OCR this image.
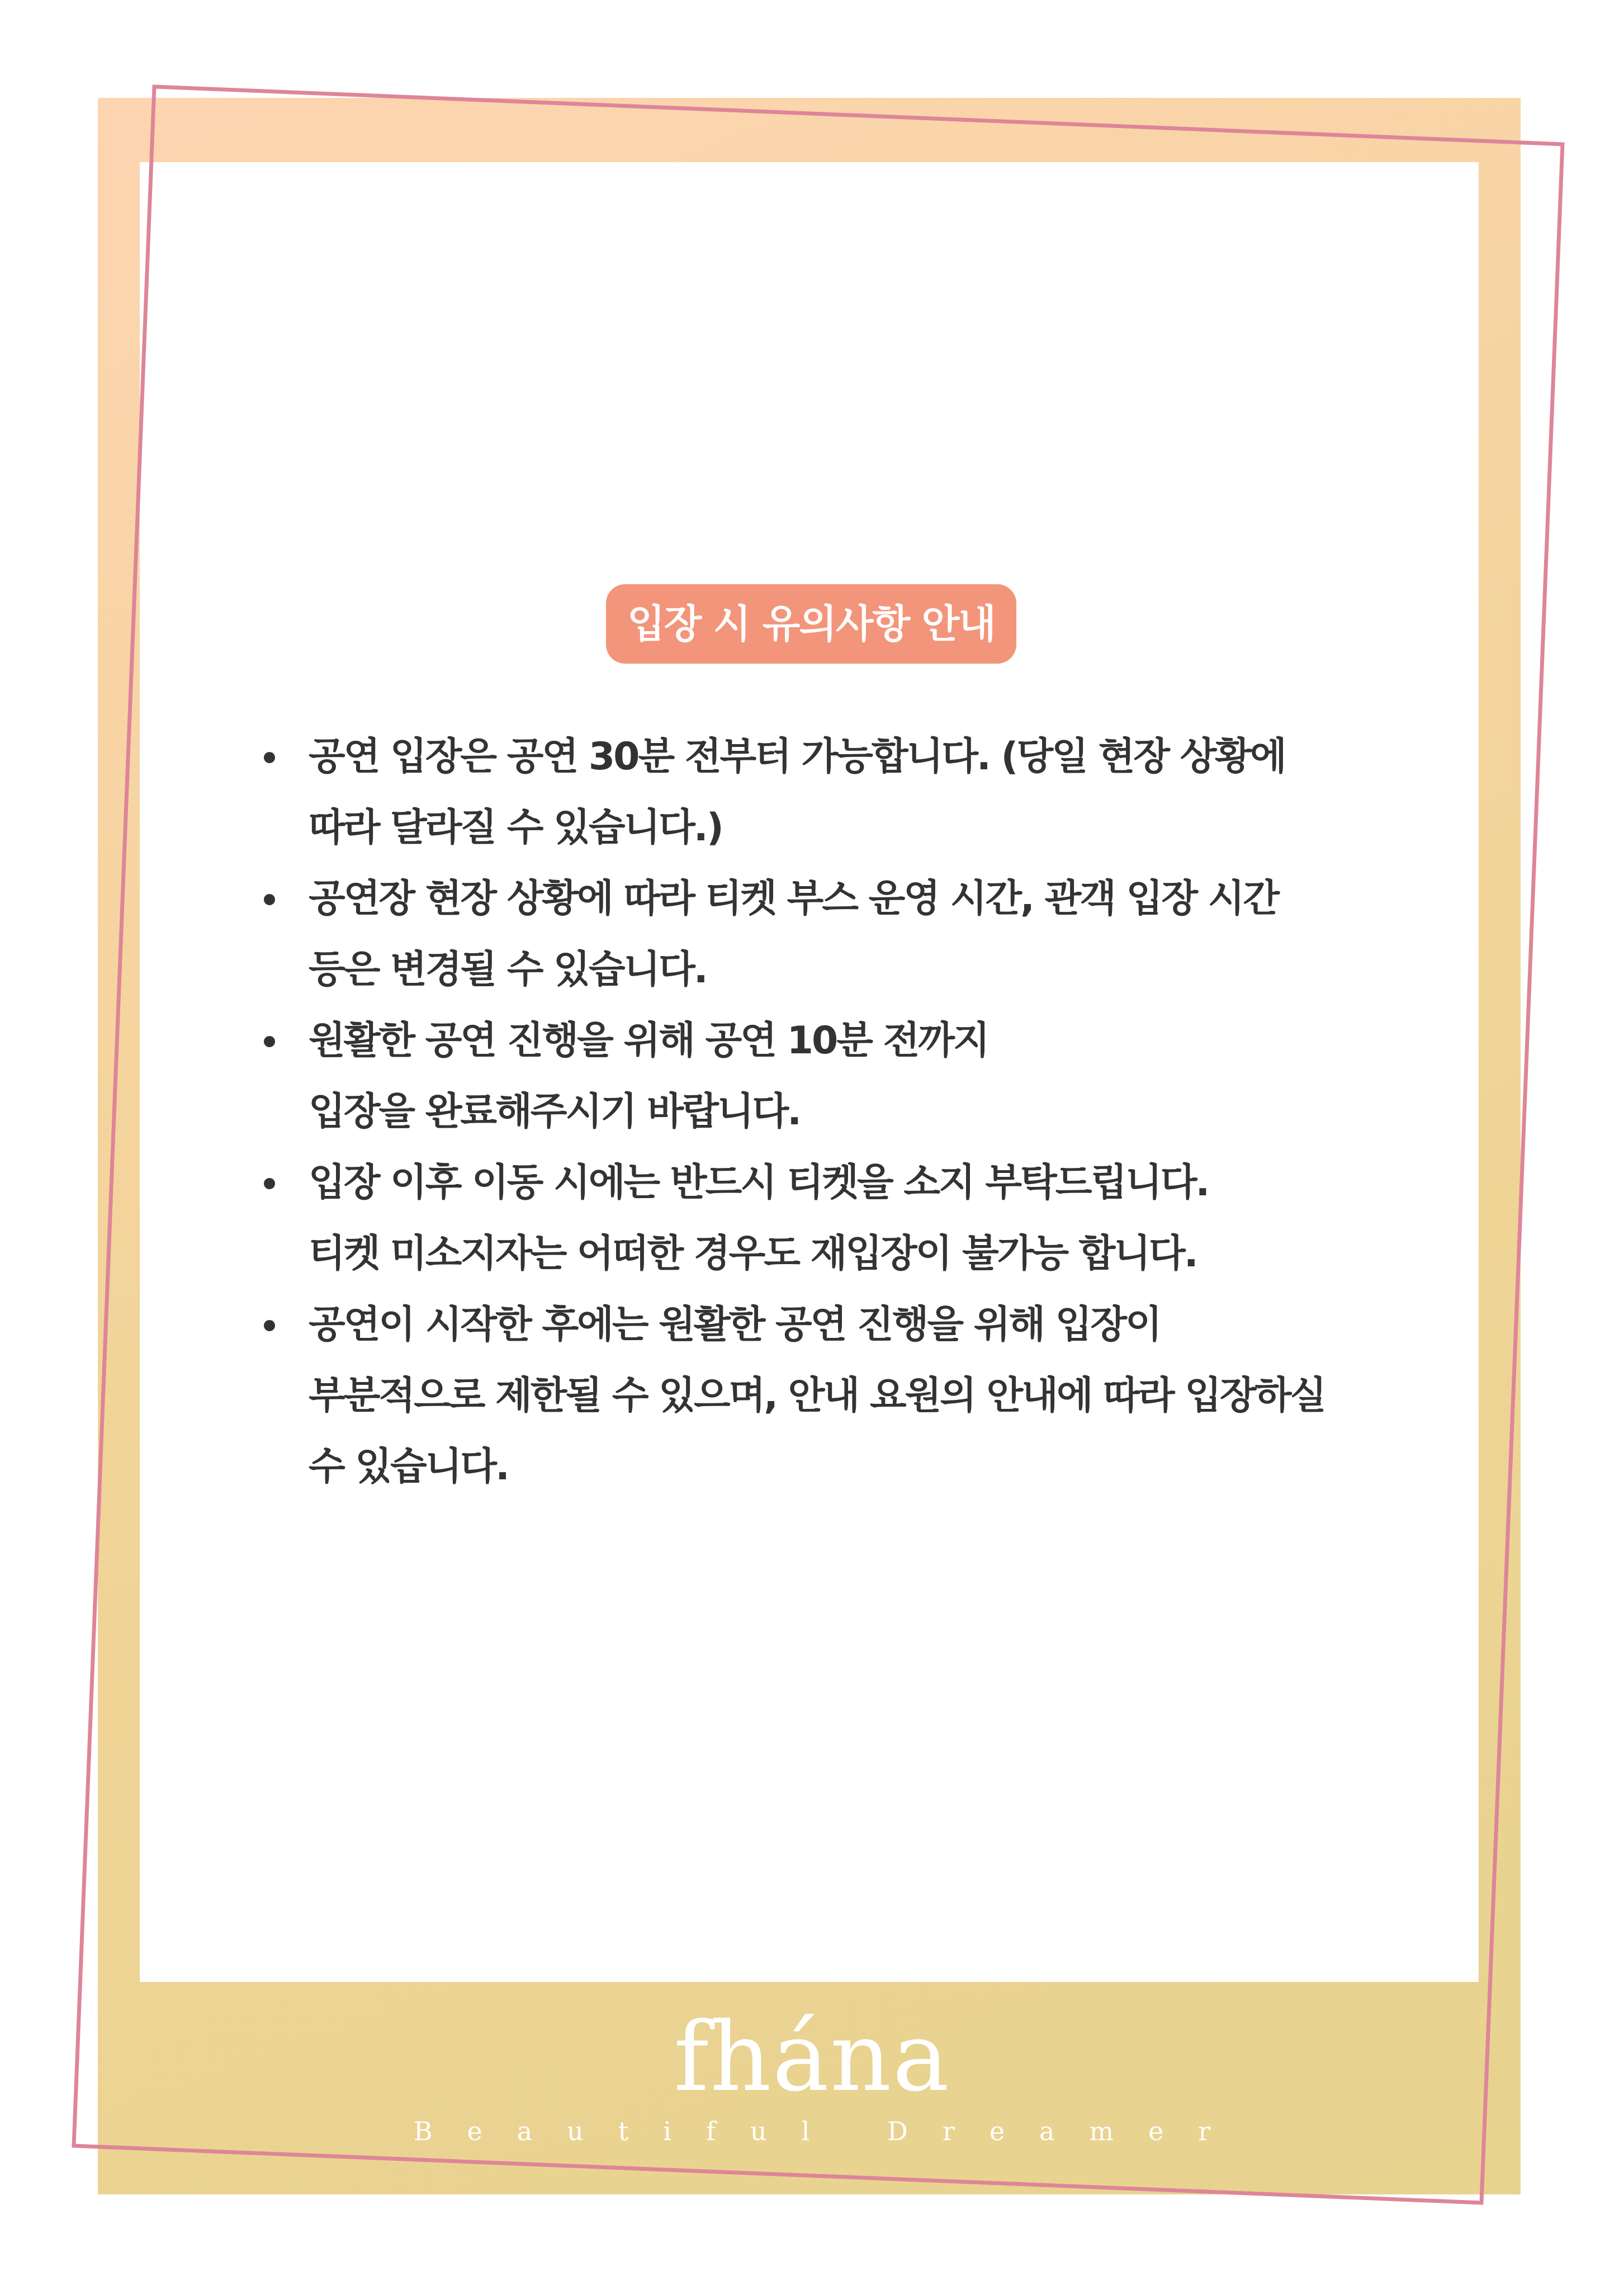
입장 시 유의사항 안내
공연 입장은 공연 30분 전부터 가능합니다. (당일 현장 상황에
따라 달라질 수 있습니다.)
공연장 현장 상황에 따라 티켓 부스 운영 시간, 관객 입장 시간
등은 변경될 수 있습니다.
원활한 공연 진행을 위해 공연 10분 전까지
입장을 완료해주시기 바랍니다.
입장 이후 이동 시에는 반드시 티켓을 소지 부탁드립니다.
티켓 미소지자는 어떠한 경우도 재입장이 불가능 합니다.
공연이 시작한 후에는 원활한 공연 진행을 위해 입장이
부분적으로 제한될 수 있으며, 안내 요원의 안내에 따라 입장하실
수 있습니다.
fhána
Beautiful Dreamer
